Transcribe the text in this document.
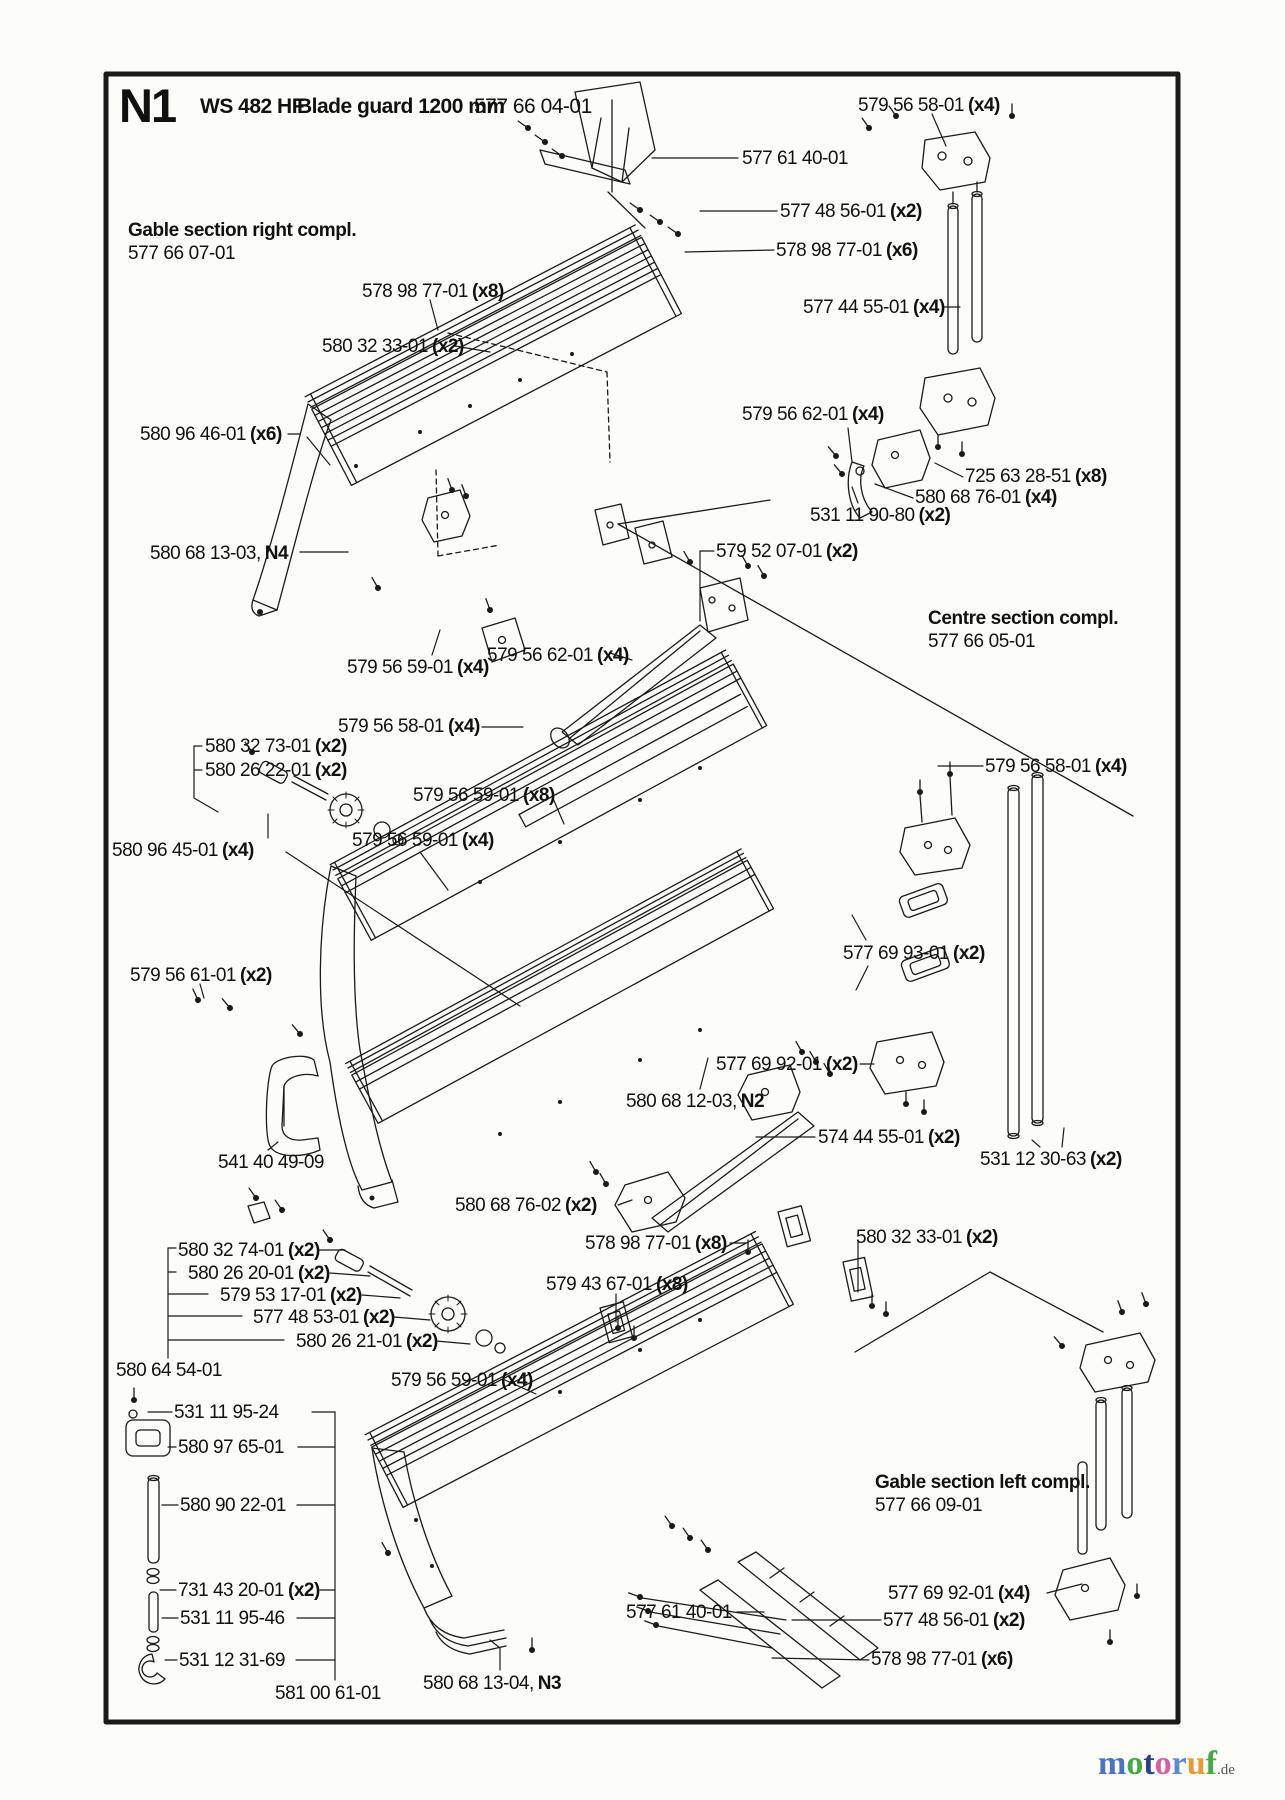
N1 WS 482 HF
Blade guard 1200 mm
577 66 04-01
Gable section right compl.
577 66 07-01
Centre section compl.
577 66 05-01
Gable section left compl.
577 66 09-01
579 56 58-01 (x4)
577 61 40-01
577 48 56-01 (x2)
578 98 77-01 (x6)
577 44 55-01 (x4)
578 98 77-01 (x8)
580 32 33-01 (x2)
580 96 46-01 (x6)
579 56 62-01 (x4)
725 63 28-51 (x8)
580 68 76-01 (x4)
531 11 90-80 (x2)
580 68 13-03, N4	579 52 07-01 (x2)
579 56 59-01 (x4)
579 56 62-01 (x4)
579 56 58-01 (x4)
580 32 73-01 (x2)
580 26 22-01 (x2)
579 56 59-01 (x8)
579 56 58-01 (x4)
580 96 45-01 (x4)	579 56 59-01 (x4)
577 69 93-01 (x2)
579 56 61-01 (x2)
577 69 92-01 (x2)
580 68 12-03, N2
574 44 55-01 (x2)
531 12 30-63 (x2)
541 40 49-09
580 68 76-02 (x2)
578 98 77-01 (x8)	580 32 33-01 (x2)
579 43 67-01 (x8)
580 32 74-01 (x2)
580 26 20-01 (x2)
579 53 17-01 (x2)
577 48 53-01 (x2)
580 26 21-01 (x2)
580 64 54-01	579 56 59-01 (x4)
531 11 95-24
580 97 65-01
580 90 22-01
731 43 20-01 (x2)
531 11 95-46
531 12 31-69
581 00 61-01 580 68 13-04, N3
577 61 40-01
577 69 92-01 (x4)
577 48 56-01 (x2)
578 98 77-01 (x6)
motoruf.de
